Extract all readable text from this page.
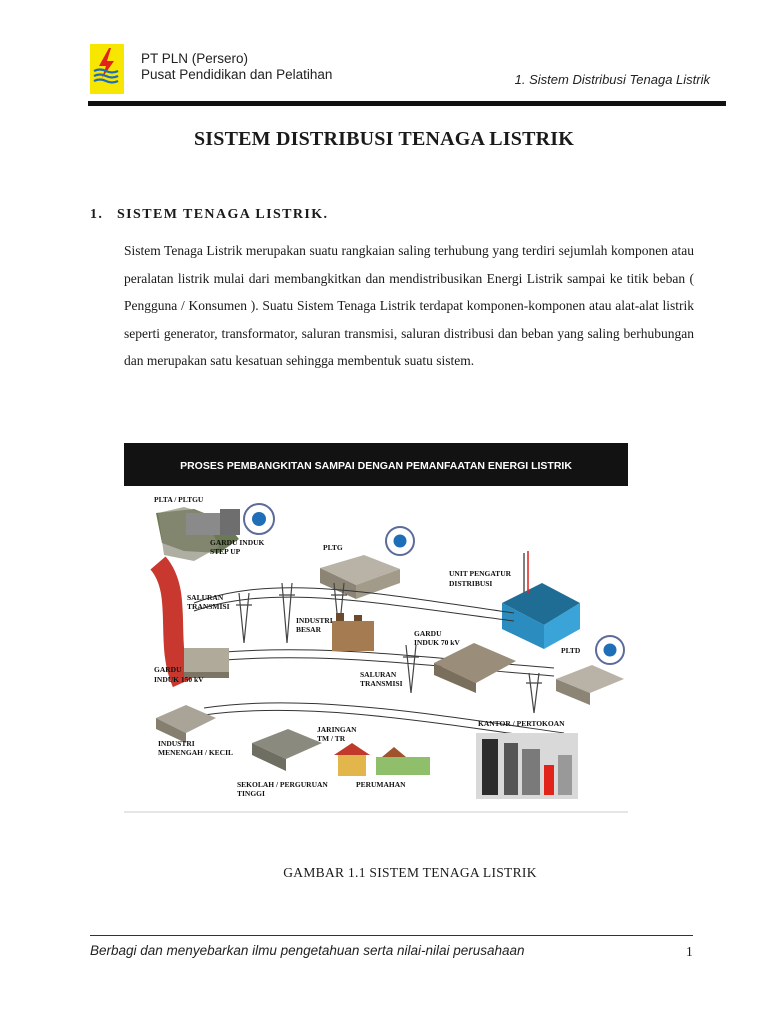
PT PLN (Persero)
Pusat Pendidikan dan Pelatihan	1. Sistem Distribusi Tenaga Listrik
SISTEM DISTRIBUSI TENAGA LISTRIK
1. SISTEM TENAGA LISTRIK.

Sistem Tenaga Listrik merupakan suatu rangkaian saling terhubung yang terdiri sejumlah komponen atau peralatan listrik mulai dari membangkitkan dan mendistribusikan Energi Listrik sampai ke titik beban ( Pengguna / Konsumen ). Suatu Sistem Tenaga Listrik terdapat komponen-komponen atau alat-alat listrik seperti generator, transformator, saluran transmisi, saluran distribusi dan beban yang saling berhubungan dan merupakan satu kesatuan sehingga membentuk suatu sistem.

PROSES PEMBANGKITAN SAMPAI DENGAN PEMANFAATAN ENERGI LISTRIK
PLTA / PLTGU
GARDU INDUK
STEP UP	PLTG
SALURAN
TRANSMISI
INDUSTRI
BESAR
UNIT PENGATUR
DISTRIBUSI
GARDU
INDUK 70 kV
PLTD
GARDU
INDUK 150 kV
SALURAN
TRANSMISI
JARINGAN
TM / TR
KANTOR / PERTOKOAN
INDUSTRI
MENENGAH / KECIL
SEKOLAH / PERGURUAN
TINGGI
PERUMAHAN
GAMBAR 1.1 SISTEM TENAGA LISTRIK
Berbagi dan menyebarkan ilmu pengetahuan serta nilai-nilai perusahaan	1
